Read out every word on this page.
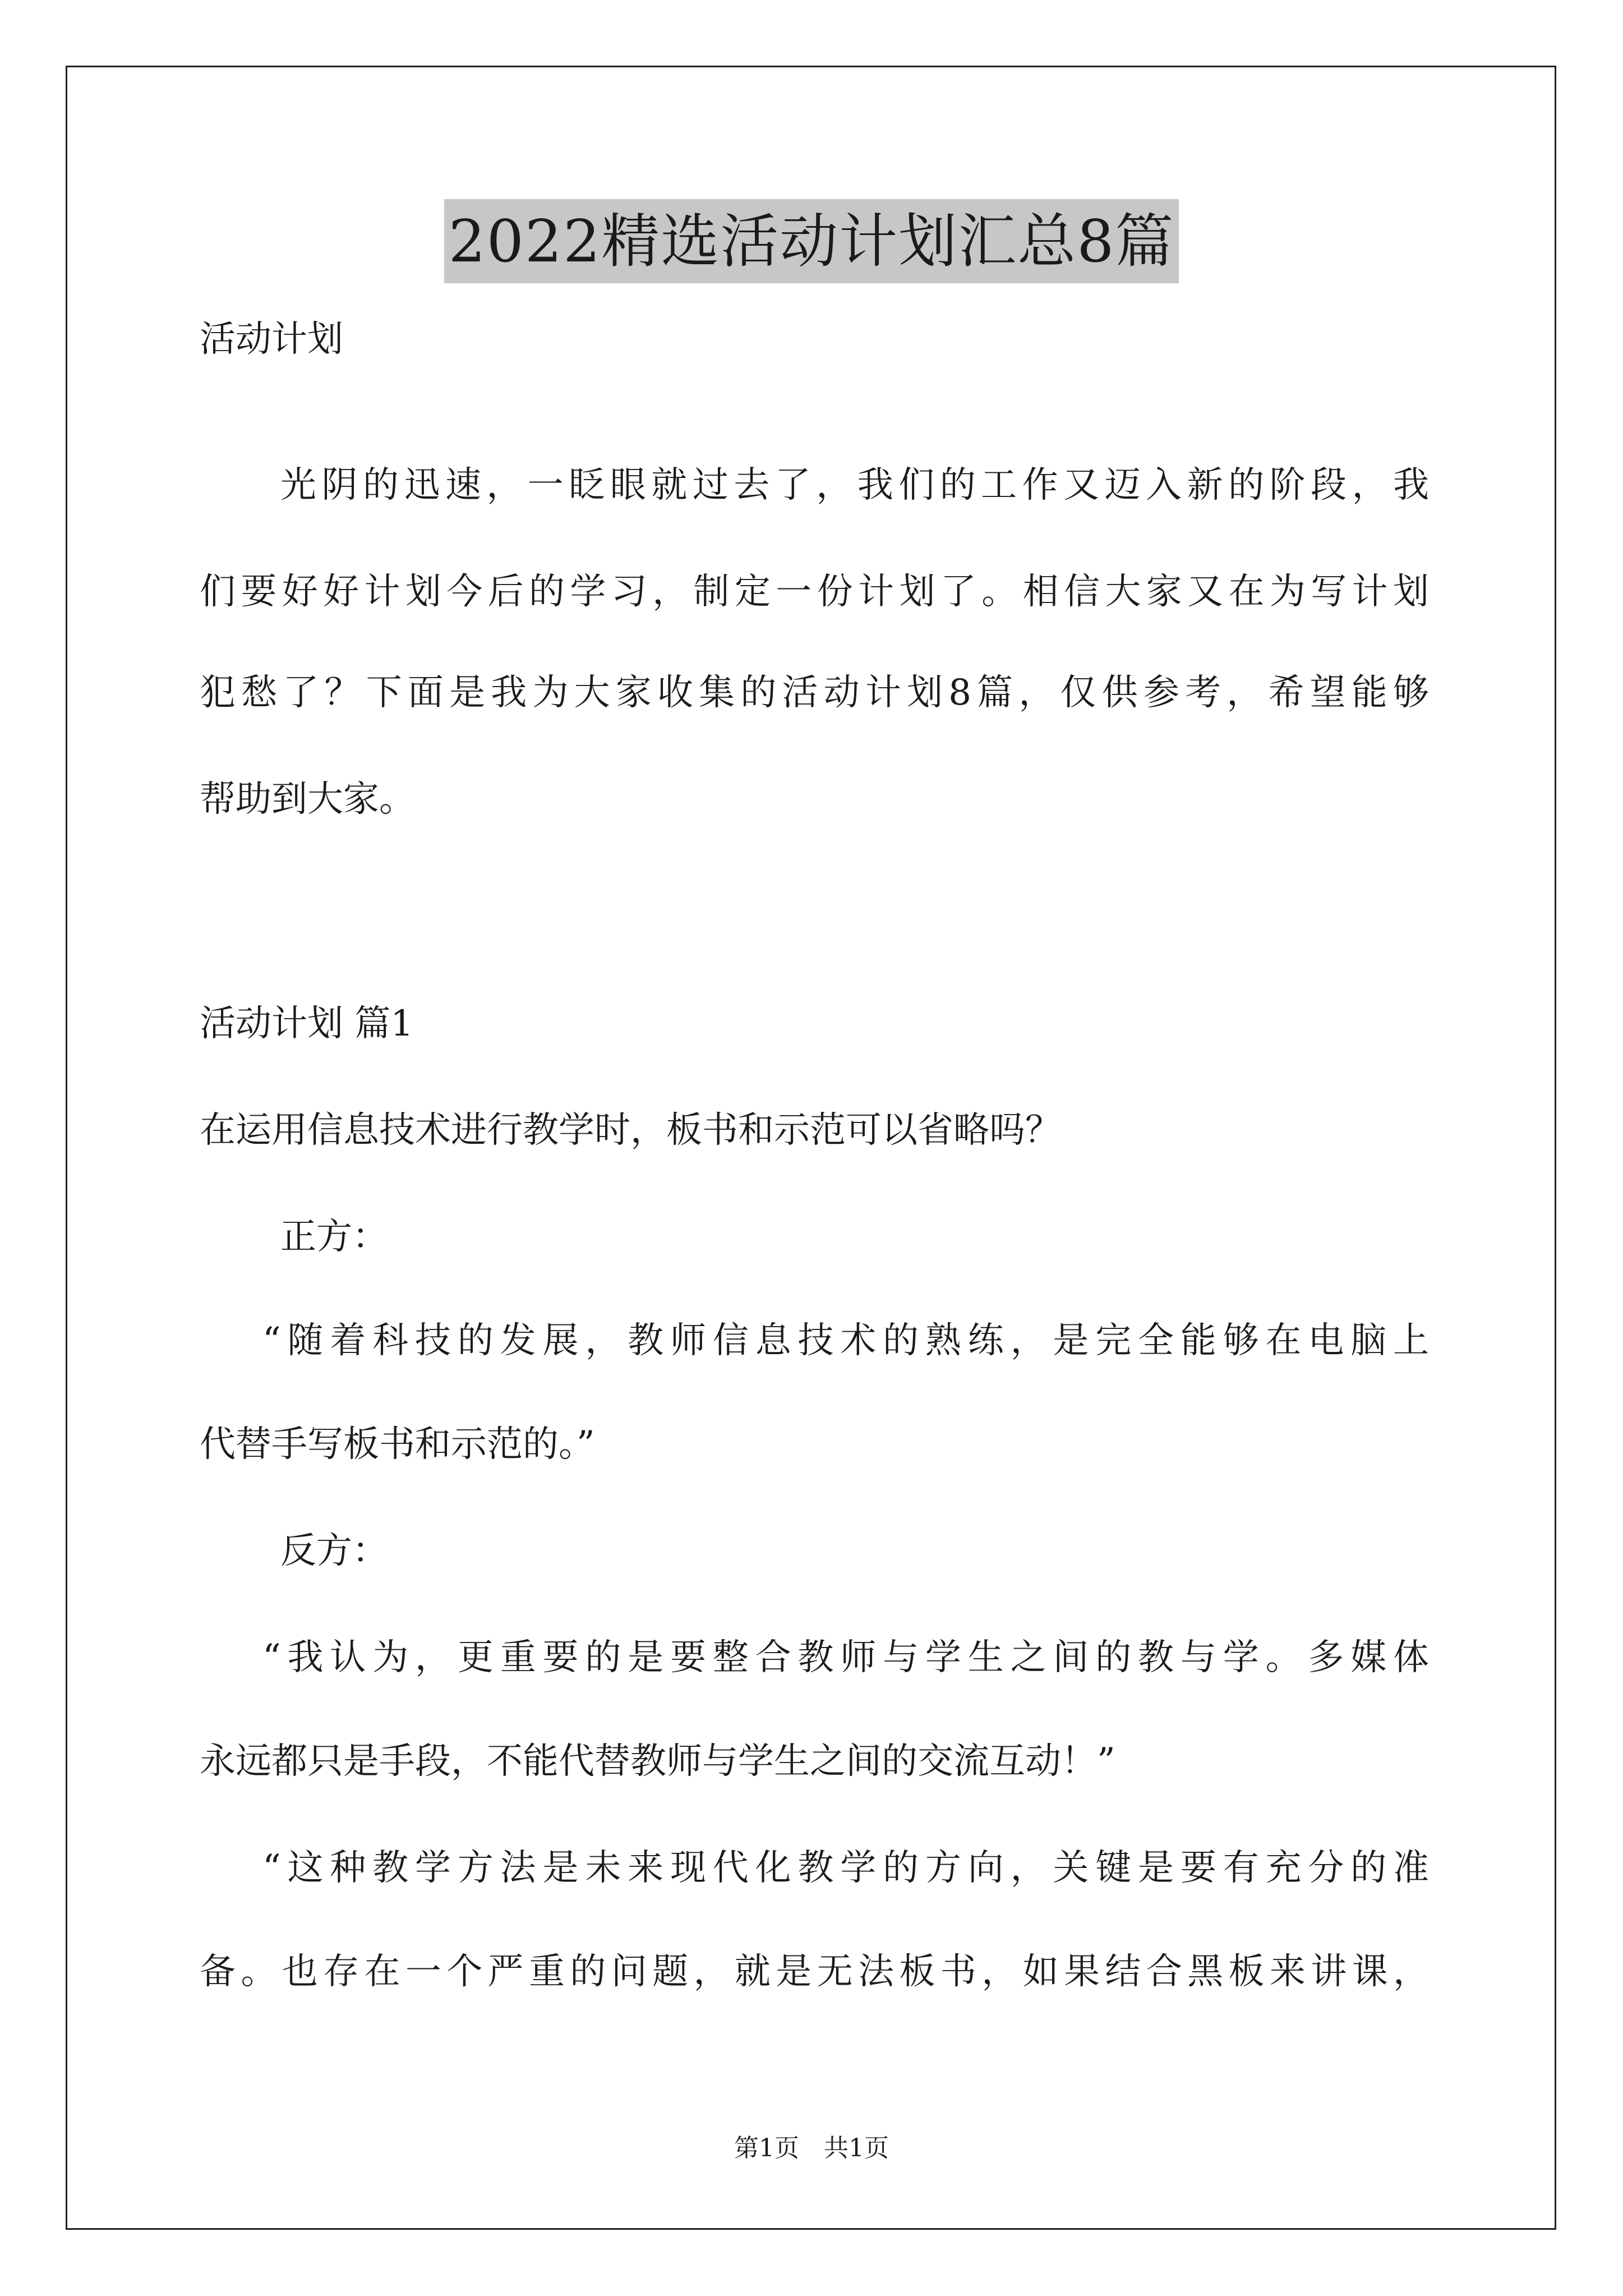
2022精选活动计划汇总8篇
活动计划
光阴的迅速，一眨眼就过去了，我们的工作又迈入新的阶段，我
们要好好计划今后的学习，制定一份计划了。相信大家又在为写计划
犯愁了？下面是我为大家收集的活动计划8篇，仅供参考，希望能够
帮助到大家。
活动计划 篇1
在运用信息技术进行教学时，板书和示范可以省略吗？
正方：
“随着科技的发展，教师信息技术的熟练，是完全能够在电脑上
代替手写板书和示范的。”
反方：
“我认为，更重要的是要整合教师与学生之间的教与学。多媒体
永远都只是手段，不能代替教师与学生之间的交流互动！”
“这种教学方法是未来现代化教学的方向，关键是要有充分的准
备。也存在一个严重的问题，就是无法板书，如果结合黑板来讲课，
第1页　共1页
